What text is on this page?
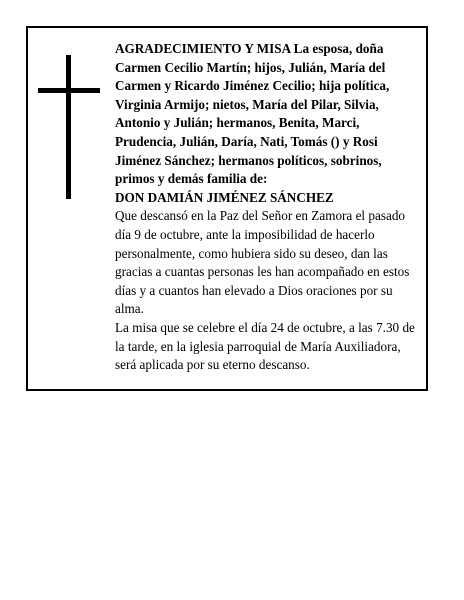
AGRADECIMIENTO Y MISA La esposa, doña Carmen Cecilio Martín; hijos, Julián, María del Carmen y Ricardo Jiménez Cecilio; hija política, Virginia Armijo; nietos, María del Pilar, Silvia, Antonio y Julián; hermanos, Benita, Marci, Prudencia, Julián, Daría, Nati, Tomás () y Rosi Jiménez Sánchez; hermanos políticos, sobrinos, primos y demás familia de:

DON DAMIÁN JIMÉNEZ SÁNCHEZ

Que descansó en la Paz del Señor en Zamora el pasado día 9 de octubre, ante la imposibilidad de hacerlo personalmente, como hubiera sido su deseo, dan las gracias a cuantas personas les han acompañado en estos días y a cuantos han elevado a Dios oraciones por su alma.

La misa que se celebre el día 24 de octubre, a las 7.30 de la tarde, en la iglesia parroquial de María Auxiliadora, será aplicada por su eterno descanso.
